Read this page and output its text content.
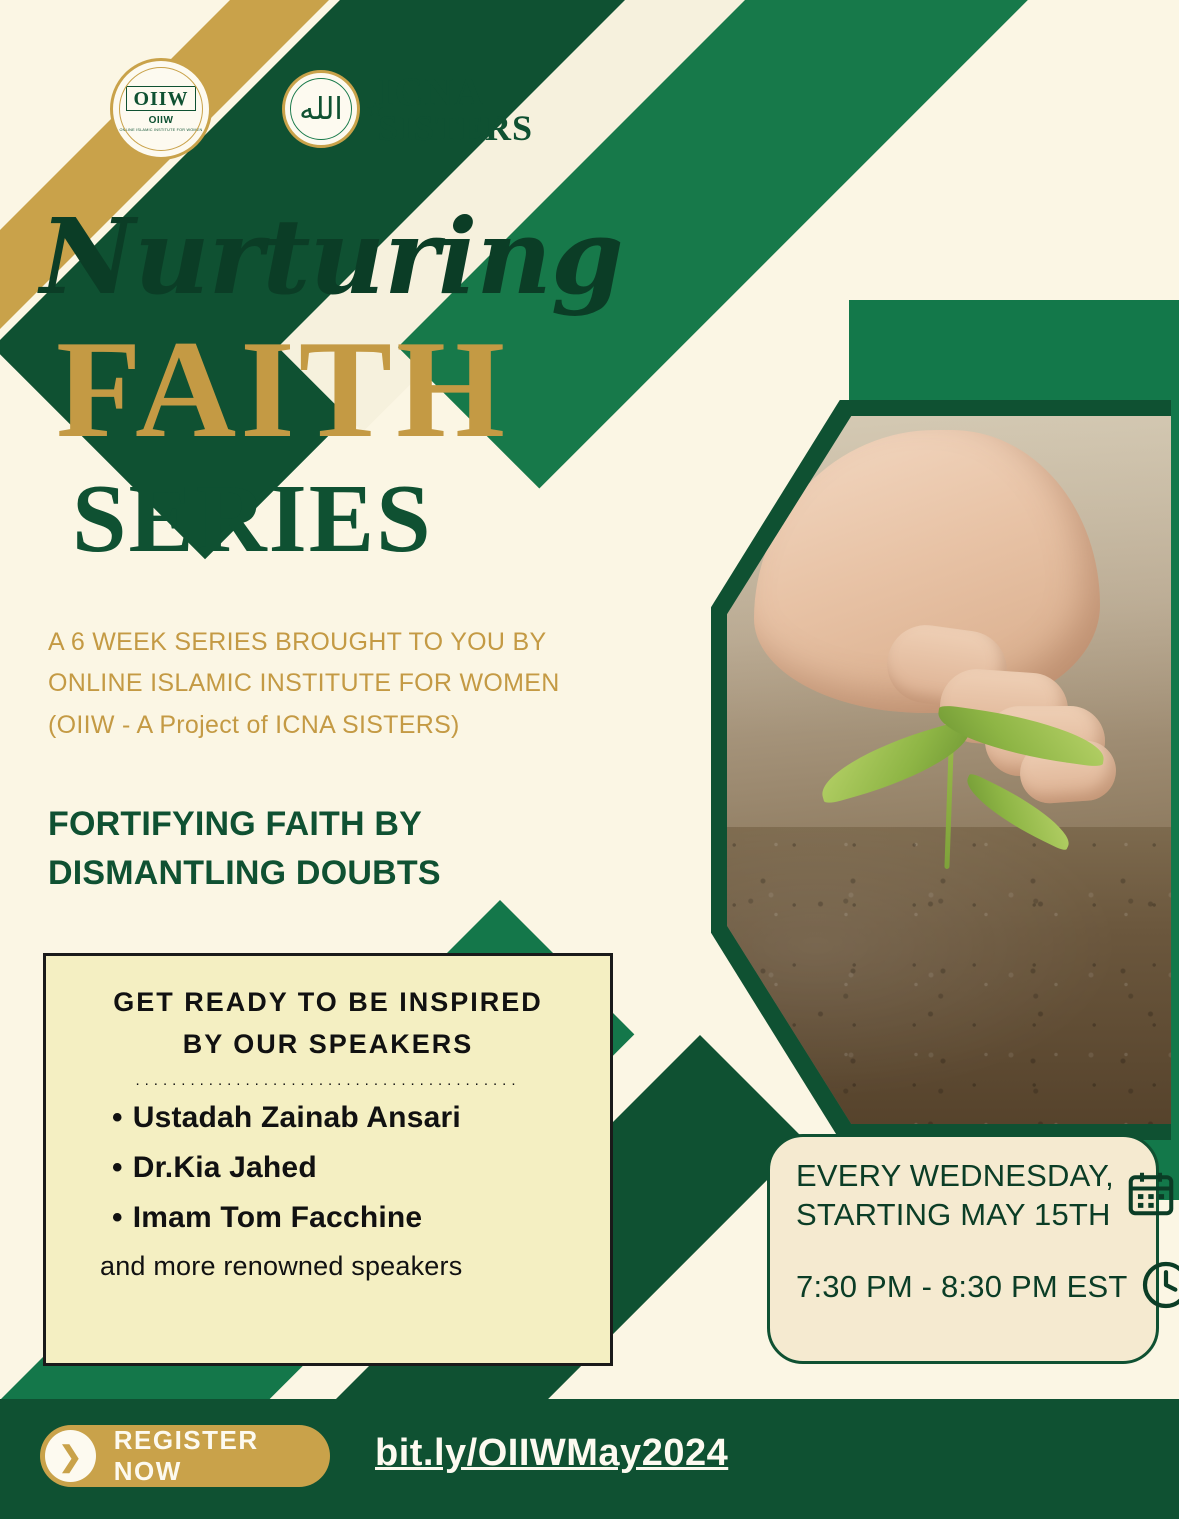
OIIW
OIIW
ONLINE ISLAMIC INSTITUTE FOR WOMEN
الله	★
ICNA
SISTERS
Nurturing
FAITH
SERIES
A 6 WEEK SERIES BROUGHT TO YOU BY
ONLINE ISLAMIC INSTITUTE FOR WOMEN
(OIIW - A Project of ICNA SISTERS)
FORTIFYING FAITH BY
DISMANTLING DOUBTS
GET READY TO BE INSPIRED
BY OUR SPEAKERS
..........................................
• Ustadah Zainab Ansari
• Dr.Kia Jahed
• Imam Tom Facchine
and more renowned speakers
EVERY WEDNESDAY,
STARTING MAY 15TH
7:30 PM - 8:30 PM EST
❯
REGISTER NOW	bit.ly/OIIWMay2024
